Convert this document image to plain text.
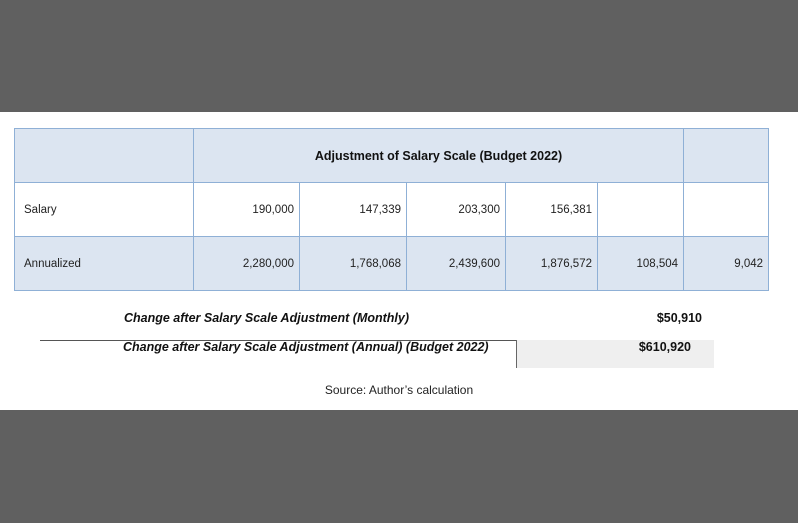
	Adjustment of Salary Scale (Budget 2022)					
Salary	190,000	147,339	203,300	156,381		
Annualized	2,280,000	1,768,068	2,439,600	1,876,572	108,504	9,042
Change after Salary Scale Adjustment (Monthly)	$50,910
Change after Salary Scale Adjustment (Annual) (Budget 2022)	$610,920
Source: Author’s calculation
